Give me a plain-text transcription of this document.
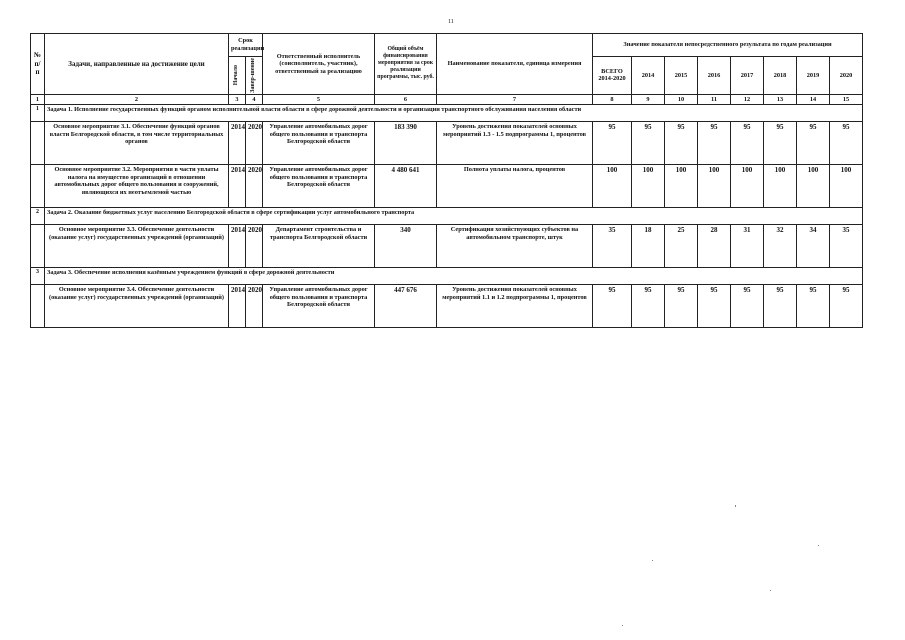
11
№ п/п	Задачи, направленные на достижение цели	Срок реализации		Ответственный исполнитель (соисполнитель, участник), ответственный за реализацию	Общий объём финансирования мероприятия за срок реализации программы, тыс. руб.	Наименование показателя, единица измерения	Значение показателя непосредственного результата по годам реализации							

		Начало	Завер-шение				ВСЕГО 2014-2020	2014	2015	2016	2017	2018	2019	2020
1	2	3	4	5	6	7	8	9	10	11	12	13	14	15
1	Задача 1. Исполнение государственных функций органом исполнительной власти области в сфере дорожной деятельности и организации транспортного обслуживания населения области													
	Основное мероприятие 3.1. Обеспечение функций органов власти Белгородской области, в том числе территориальных органов	2014	2020	Управление автомобильных дорог общего пользования и транспорта Белгородской области	183 390	Уровень достижения показателей основных мероприятий 1.3 - 1.5 подпрограммы 1, процентов	95	95	95	95	95	95	95	95
	Основное мероприятие 3.2. Мероприятия в части уплаты налога на имущество организаций в отношении автомобильных дорог общего пользования и сооружений, являющихся их неотъемлемой частью	2014	2020	Управление автомобильных дорог общего пользования и транспорта Белгородской области	4 480 641	Полнота уплаты налога, процентов	100	100	100	100	100	100	100	100
2	Задача 2. Оказание бюджетных услуг населению Белгородской области в сфере сертификации услуг автомобильного транспорта													
	Основное мероприятие 3.3. Обеспечение деятельности (оказание услуг) государственных учреждений (организаций)	2014	2020	Департамент строительства и транспорта Белгородской области	340	Сертификация хозяйствующих субъектов на автомобильном транспорте, штук	35	18	25	28	31	32	34	35
3	Задача 3. Обеспечение исполнения казённым учреждением функций в сфере дорожной деятельности													
	Основное мероприятие 3.4. Обеспечение деятельности (оказание услуг) государственных учреждений (организаций)	2014	2020	Управление автомобильных дорог общего пользования и транспорта Белгородской области	447 676	Уровень достижения показателей основных мероприятий 1.1 и 1.2 подпрограммы 1, процентов	95	95	95	95	95	95	95	95
